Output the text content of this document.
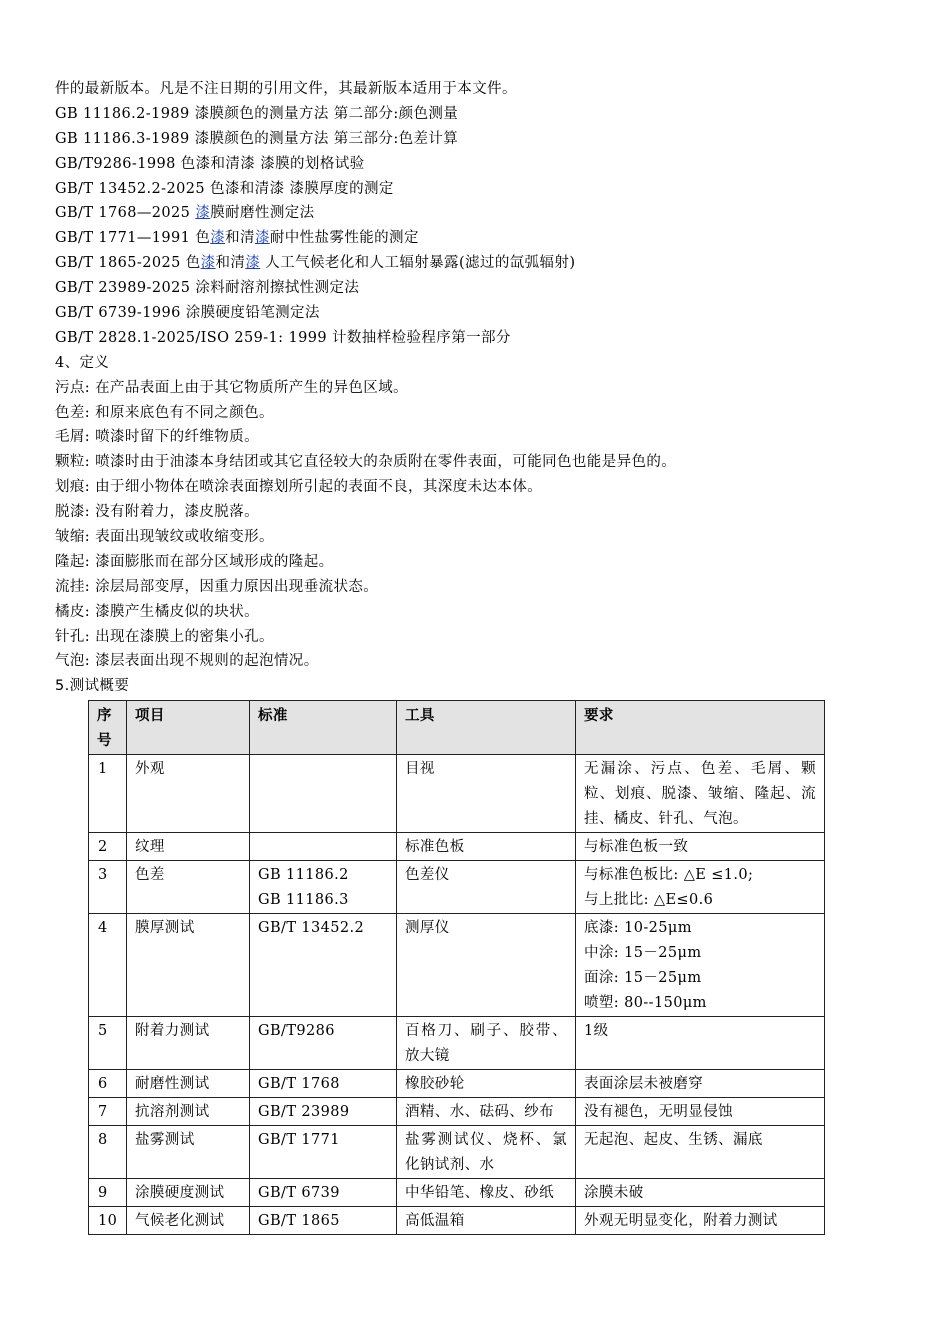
件的最新版本。凡是不注日期的引用文件，其最新版本适用于本文件。
GB 11186.2-1989 漆膜颜色的测量方法 第二部分:颜色测量
GB 11186.3-1989 漆膜颜色的测量方法 第三部分:色差计算
GB/T9286-1998 色漆和清漆 漆膜的划格试验
GB/T 13452.2-2025 色漆和清漆 漆膜厚度的测定
GB/T 1768—2025 漆膜耐磨性测定法
GB/T 1771—1991 色漆和清漆耐中性盐雾性能的测定
GB/T 1865-2025 色漆和清漆 人工气候老化和人工辐射暴露(滤过的氙弧辐射)
GB/T 23989-2025 涂料耐溶剂擦拭性测定法
GB/T 6739-1996 涂膜硬度铅笔测定法
GB/T 2828.1-2025/ISO 259-1: 1999 计数抽样检验程序第一部分
4、定义
污点: 在产品表面上由于其它物质所产生的异色区域。
色差: 和原来底色有不同之颜色。
毛屑: 喷漆时留下的纤维物质。
颗粒: 喷漆时由于油漆本身结团或其它直径较大的杂质附在零件表面，可能同色也能是异色的。
划痕: 由于细小物体在喷涂表面擦划所引起的表面不良，其深度未达本体。
脱漆: 没有附着力，漆皮脱落。
皱缩: 表面出现皱纹或收缩变形。
隆起: 漆面膨胀而在部分区域形成的隆起。
流挂: 涂层局部变厚，因重力原因出现垂流状态。
橘皮: 漆膜产生橘皮似的块状。
针孔: 出现在漆膜上的密集小孔。
气泡: 漆层表面出现不规则的起泡情况。
5.测试概要
序号	项目	标准	工具	要求
1	外观		目视	无漏涂、污点、色差、毛屑、颗粒、划痕、脱漆、皱缩、隆起、流挂、橘皮、针孔、气泡。

2	纹理		标准色板	与标准色板一致

3	色差	GB 11186.2
GB 11186.3	色差仪	与标准色板比: △E ≤1.0;
与上批比: △E≤0.6

4	膜厚测试	GB/T 13452.2	测厚仪	底漆: 10-25μm
中涂: 15－25μm
面涂: 15－25μm
喷塑: 80--150μm

5	附着力测试	GB/T9286	百格刀、刷子、胶带、放大镜	1级

6	耐磨性测试	GB/T 1768	橡胶砂轮	表面涂层未被磨穿

7	抗溶剂测试	GB/T 23989	酒精、水、砝码、纱布	没有褪色，无明显侵蚀

8	盐雾测试	GB/T 1771	盐雾测试仪、烧杯、氯化钠试剂、水	无起泡、起皮、生锈、漏底

9	涂膜硬度测试	GB/T 6739	中华铅笔、橡皮、砂纸	涂膜未破

10	气候老化测试	GB/T 1865	高低温箱	外观无明显变化，附着力测试
